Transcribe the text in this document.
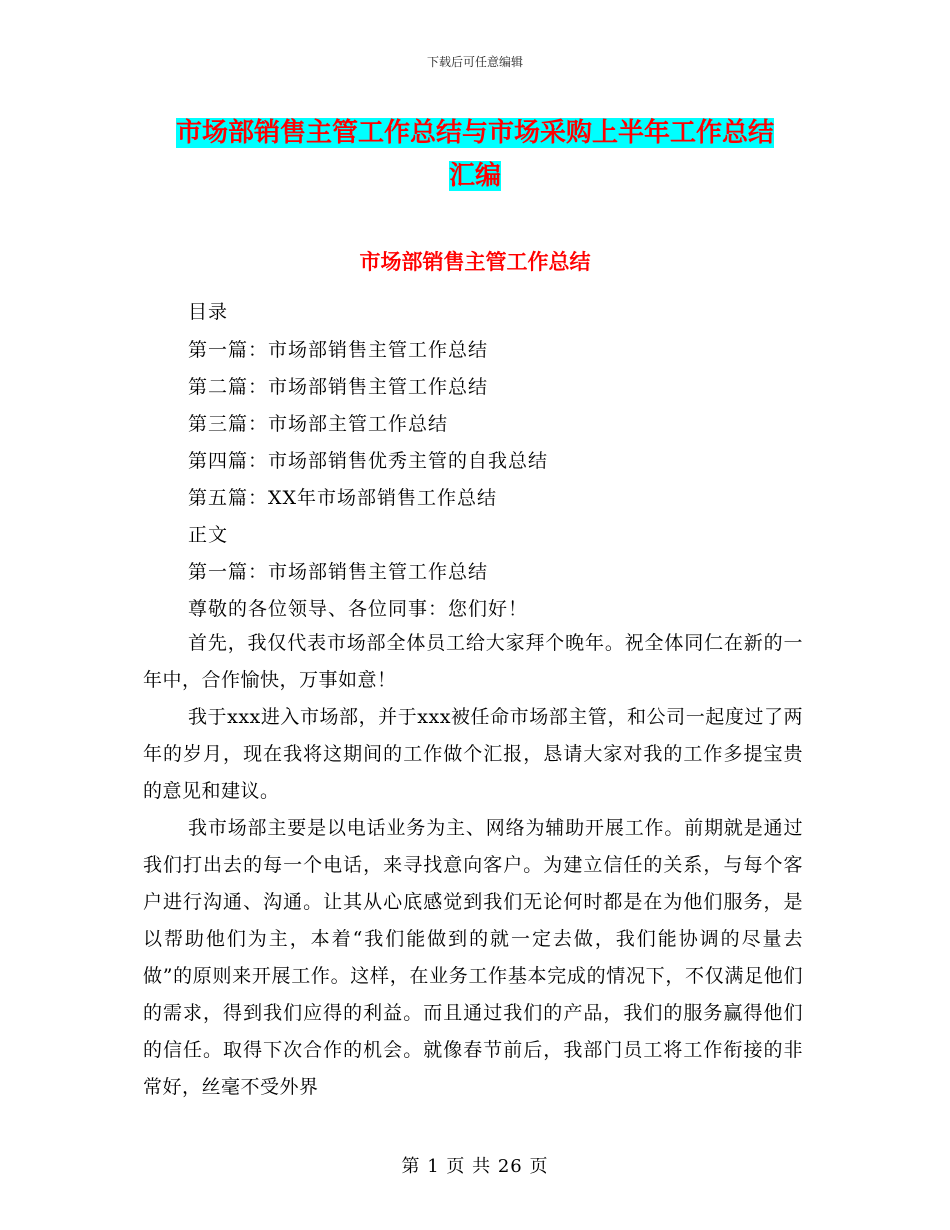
下载后可任意编辑
市场部销售主管工作总结与市场采购上半年工作总结
汇编
市场部销售主管工作总结
目录
第一篇：市场部销售主管工作总结
第二篇：市场部销售主管工作总结
第三篇：市场部主管工作总结
第四篇：市场部销售优秀主管的自我总结
第五篇：XX年市场部销售工作总结
正文
第一篇：市场部销售主管工作总结
尊敬的各位领导、各位同事：您们好！

首先，我仅代表市场部全体员工给大家拜个晚年。祝全体同仁在新的一年中，合作愉快，万事如意！

我于xxx进入市场部，并于xxx被任命市场部主管，和公司一起度过了两年的岁月，现在我将这期间的工作做个汇报，恳请大家对我的工作多提宝贵的意见和建议。

我市场部主要是以电话业务为主、网络为辅助开展工作。前期就是通过我们打出去的每一个电话，来寻找意向客户。为建立信任的关系，与每个客户进行沟通、沟通。让其从心底感觉到我们无论何时都是在为他们服务，是以帮助他们为主，本着“我们能做到的就一定去做，我们能协调的尽量去做”的原则来开展工作。这样，在业务工作基本完成的情况下，不仅满足他们的需求，得到我们应得的利益。而且通过我们的产品，我们的服务赢得他们的信任。取得下次合作的机会。就像春节前后，我部门员工将工作衔接的非常好，丝毫不受外界

第 1 页 共 26 页
